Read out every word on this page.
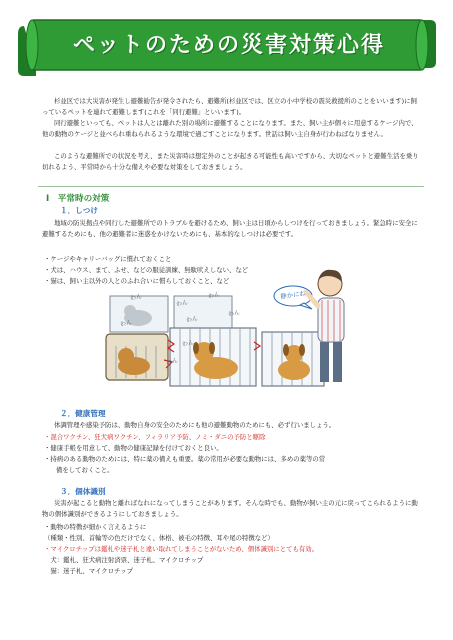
ペットのための災害対策心得
杉並区では大災害が発生し避難勧告が発令されたら、避難所(杉並区では、区立の小中学校の震災救援所のことをいいます)に飼っているペットを連れて避難します(これを「同行避難」といいます)。
同行避難といっても、ペットは人とは離れた別の場所に避難することになります。また、飼い主が個々に用意するケージ内で、他の動物のケージと並べられ重ねられるような環境で過ごすことになります。世話は飼い主自身が行わねばなりません。
このような避難所での状況を考え、また災害時は想定外のことが起きる可能性も高いですから、大切なペットと避難生活を乗り切れるよう、平常時から十分な備えや必要な対策をしておきましょう。
Ⅰ　平常時の対策
１．しつけ
地域の防災拠点や同行した避難所でのトラブルを避けるため、飼い主は日頃からしつけを行っておきましょう。緊急時に安全に避難するためにも、他の避難者に迷惑をかけないためにも、基本的なしつけは必要です。
・ケージやキャリーバッグに慣れておくこと
・犬は、ハウス、まて、ふせ、などの服従訓練、無駄吠えしない、など
・猫は、飼い主以外の人とのふれ合いに慣らしておくこと、など
わん
わん
わん
わん
わん
わん
わん
わん
静かにね
２．健康管理
体調管理や感染予防は、動物自身の安全のためにも他の避難動物のためにも、必ず行いましょう。
・混合ワクチン、狂犬病ワクチン、フィラリア予防、ノミ・ダニの予防と駆除
・健康手帳を用意して、動物の健康記録を付けておくと良い。
・持病のある動物のためには、特に薬の備えも重要。薬の常用が必要な動物には、多めの薬等の常
備をしておくこと。
３．個体識別
災害が起こると動物と離ればなれになってしまうことがあります。そんな時でも、動物が飼い主の元に戻ってこられるように動物の個体識別ができるようにしておきましょう。
・動物の特徴が細かく言えるように
（種類・性別、首輪等の色だけでなく、体格、被毛の特徴、耳や尾の特徴など）
・マイクロチップは鑑札や迷子札と違い取れてしまうことがないため、個体識別にとても有効。
　犬：鑑札、狂犬病注射済票、迷子札、マイクロチップ
　猫：迷子札、マイクロチップ
